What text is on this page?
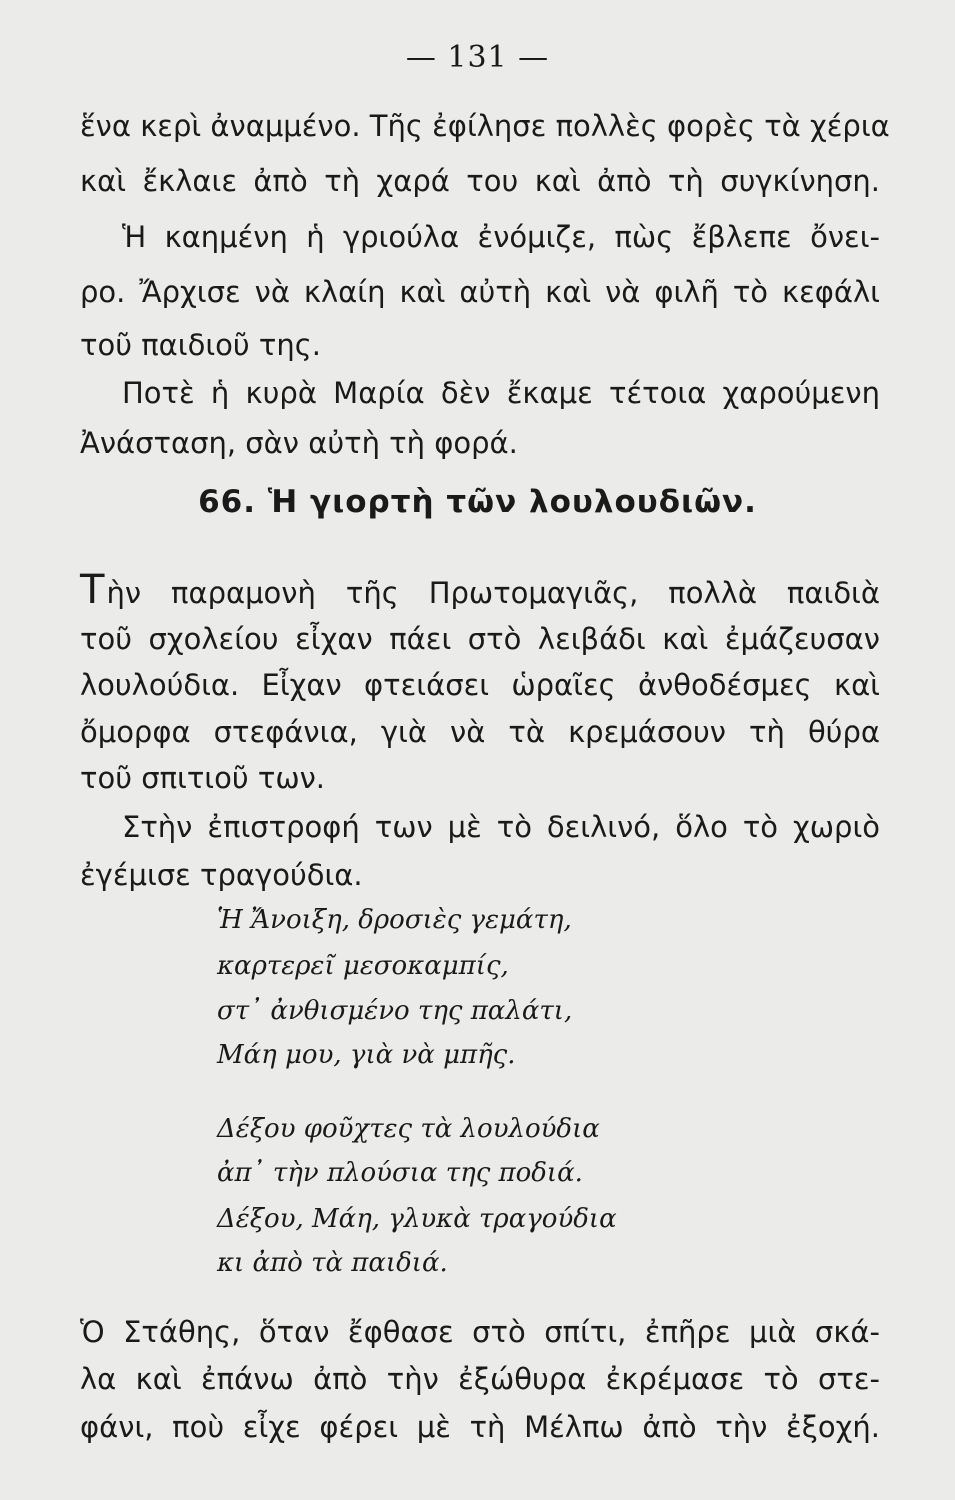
— 131 —
ἕνα κερὶ ἀναμμένο. Τῆς ἐφίλησε πολλὲς φορὲς τὰ χέρια
καὶ ἔκλαιε ἀπὸ τὴ χαρά του καὶ ἀπὸ τὴ συγκίνηση.
Ἡ καημένη ἡ γριούλα ἐνόμιζε, πὼς ἔβλεπε ὄνει-
ρο. Ἄρχισε νὰ κλαίη καὶ αὐτὴ καὶ νὰ φιλῆ τὸ κεφάλι
τοῦ παιδιοῦ της.
Ποτὲ ἡ κυρὰ Μαρία δὲν ἔκαμε τέτοια χαρούμενη
Ἀνάσταση, σὰν αὐτὴ τὴ φορά.
66. Ἡ γιορτὴ τῶν λουλουδιῶν.
Τὴν παραμονὴ τῆς Πρωτομαγιᾶς, πολλὰ παιδιὰ
τοῦ σχολείου εἶχαν πάει στὸ λειβάδι καὶ ἐμάζευσαν
λουλούδια. Εἶχαν φτειάσει ὡραῖες ἀνθοδέσμες καὶ
ὄμορφα στεφάνια, γιὰ νὰ τὰ κρεμάσουν τὴ θύρα
τοῦ σπιτιοῦ των.
Στὴν ἐπιστροφή των μὲ τὸ δειλινό, ὅλο τὸ χωριὸ
ἐγέμισε τραγούδια.
Ἡ Ἄνοιξη, δροσιὲς γεμάτη,
καρτερεῖ μεσοκαμπίς,
στ᾽ ἀνθισμένο της παλάτι,
Μάη μου, γιὰ νὰ μπῆς.
Δέξου φοῦχτες τὰ λουλούδια
ἀπ᾽ τὴν πλούσια της ποδιά.
Δέξου, Μάη, γλυκὰ τραγούδια
κι ἀπὸ τὰ παιδιά.
Ὁ Στάθης, ὅταν ἔφθασε στὸ σπίτι, ἐπῆρε μιὰ σκά-
λα καὶ ἐπάνω ἀπὸ τὴν ἐξώθυρα ἐκρέμασε τὸ στε-
φάνι, ποὺ εἶχε φέρει μὲ τὴ Μέλπω ἀπὸ τὴν ἐξοχή.
